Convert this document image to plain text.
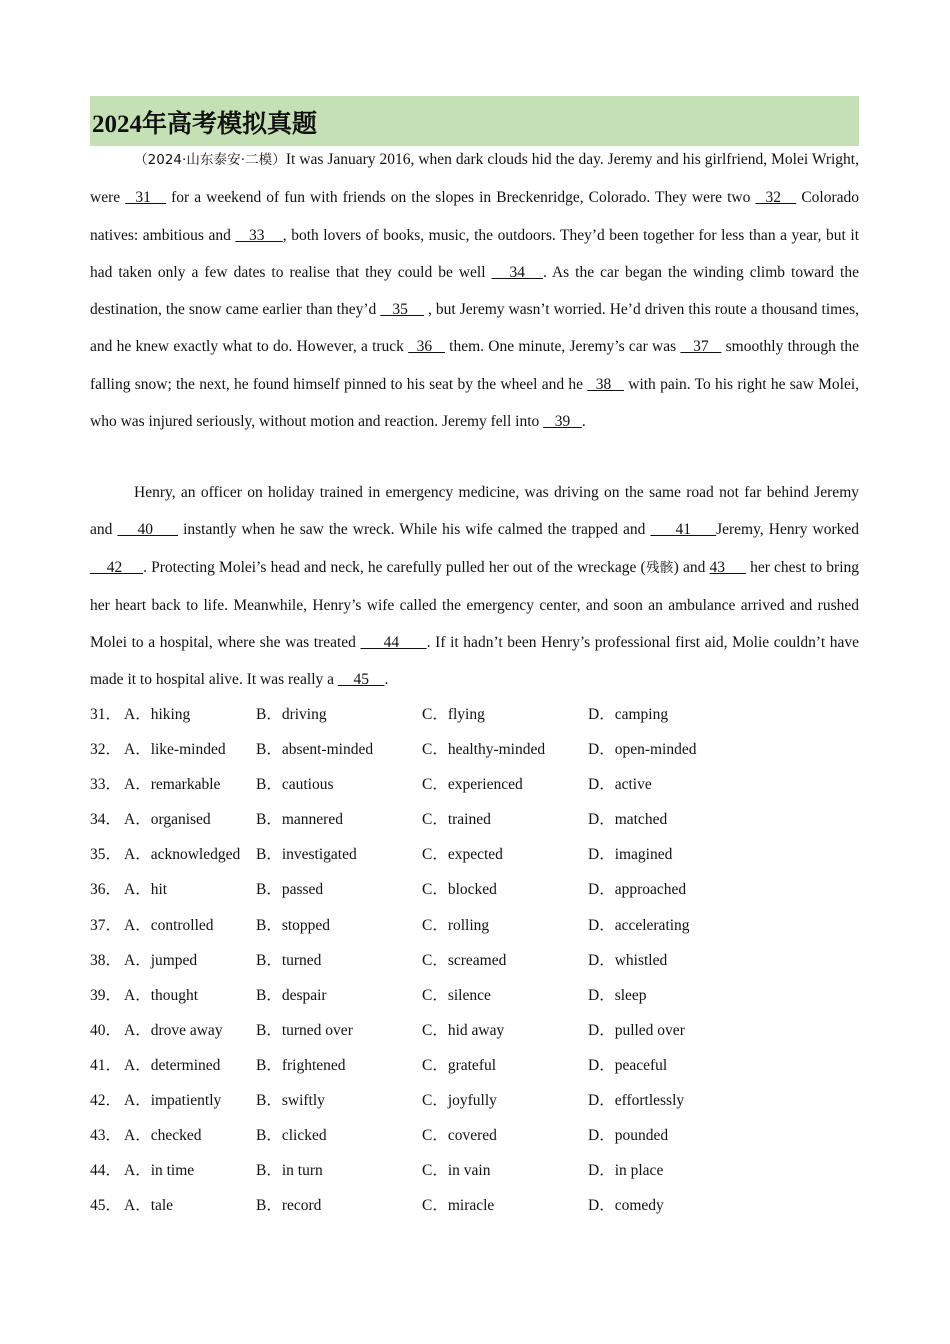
2024年高考模拟真题

（2024·山东泰安·二模）It was January 2016, when dark clouds hid the day. Jeremy and his girlfriend, Molei Wright, were   31    for a weekend of fun with friends on the slopes in Breckenridge, Colorado. They were two   32    Colorado natives: ambitious and    33    , both lovers of books, music, the outdoors. They’d been together for less than a year, but it had taken only a few dates to realise that they could be well    34   . As the car began the winding climb toward the destination, the snow came earlier than they’d    35     , but Jeremy wasn’t worried. He’d driven this route a thousand times, and he knew exactly what to do. However, a truck   36    them. One minute, Jeremy’s car was    37    smoothly through the falling snow; the next, he found himself pinned to his seat by the wheel and he   38    with pain. To his right he saw Molei, who was injured seriously, without motion and reaction. Jeremy fell into    39   .

Henry, an officer on holiday trained in emergency medicine, was driving on the same road not far behind Jeremy and     40      instantly when he saw the wreck. While his wife calmed the trapped and      41     Jeremy, Henry worked     42     . Protecting Molei’s head and neck, he carefully pulled her out of the wreckage (残骸) and 43      her chest to bring her heart back to life. Meanwhile, Henry’s wife called the emergency center, and soon an ambulance arrived and rushed Molei to a hospital, where she was treated      44      . If it hadn’t been Henry’s professional first aid, Molie couldn’t have made it to hospital alive. It was really a     45    .

31． A．hiking	B．driving	C．flying	D．camping
32． A．like-minded B．absent-minded	C．healthy-minded	D．open-minded
33． A．remarkable B．cautious	C．experienced	D．active
34． A．organised	B．mannered	C．trained	D．matched
35． A．acknowledged B．investigated	C．expected	D．imagined
36． A．hit	B．passed	C．blocked	D．approached
37． A．controlled	B．stopped	C．rolling	D．accelerating
38． A．jumped	B．turned	C．screamed	D．whistled
39． A．thought	B．despair	C．silence	D．sleep
40． A．drove away B．turned over	C．hid away	D．pulled over
41． A．determined B．frightened	C．grateful	D．peaceful
42． A．impatiently B．swiftly	C．joyfully	D．effortlessly
43． A．checked	B．clicked	C．covered	D．pounded
44． A．in time	B．in turn	C．in vain	D．in place
45． A．tale	B．record	C．miracle	D．comedy
